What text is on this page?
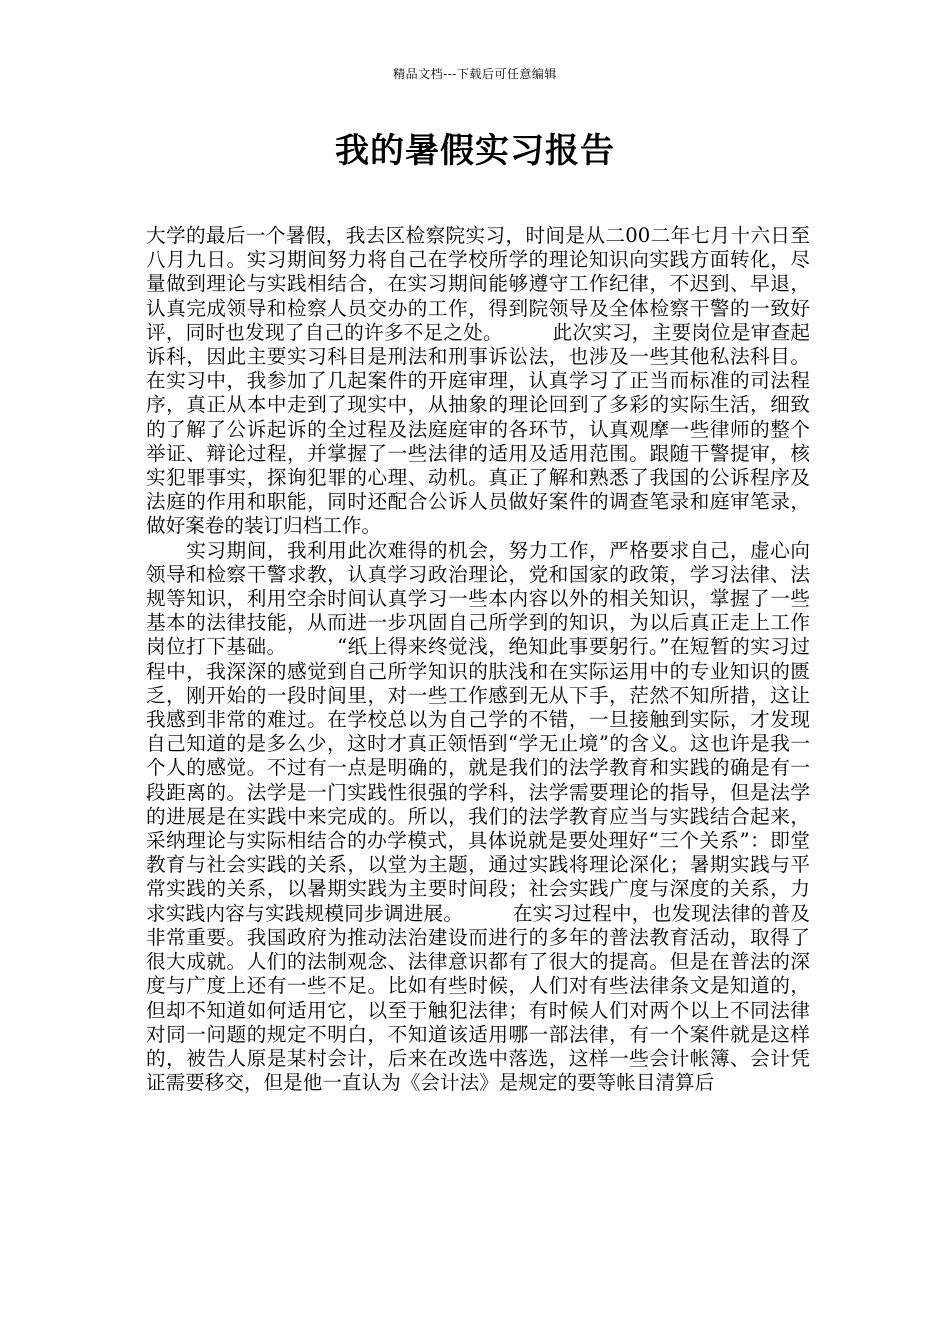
精品文档---下载后可任意编辑
我的暑假实习报告
大学的最后一个暑假，我去区检察院实习，时间是从二00二年七月十六日至八月九日。实习期间努力将自己在学校所学的理论知识向实践方面转化，尽量做到理论与实践相结合，在实习期间能够遵守工作纪律，不迟到、早退，认真完成领导和检察人员交办的工作，得到院领导及全体检察干警的一致好评，同时也发现了自己的许多不足之处。　　　此次实习，主要岗位是审查起诉科，因此主要实习科目是刑法和刑事诉讼法，也涉及一些其他私法科目。在实习中，我参加了几起案件的开庭审理，认真学习了正当而标准的司法程序，真正从本中走到了现实中，从抽象的理论回到了多彩的实际生活，细致的了解了公诉起诉的全过程及法庭庭审的各环节，认真观摩一些律师的整个举证、辩论过程，并掌握了一些法律的适用及适用范围。跟随干警提审，核实犯罪事实，探询犯罪的心理、动机。真正了解和熟悉了我国的公诉程序及法庭的作用和职能，同时还配合公诉人员做好案件的调查笔录和庭审笔录，做好案卷的装订归档工作。
　　实习期间，我利用此次难得的机会，努力工作，严格要求自己，虚心向领导和检察干警求教，认真学习政治理论，党和国家的政策，学习法律、法规等知识，利用空余时间认真学习一些本内容以外的相关知识，掌握了一些基本的法律技能，从而进一步巩固自己所学到的知识，为以后真正走上工作岗位打下基础。　　　“纸上得来终觉浅，绝知此事要躬行。”在短暂的实习过程中，我深深的感觉到自己所学知识的肤浅和在实际运用中的专业知识的匮乏，刚开始的一段时间里，对一些工作感到无从下手，茫然不知所措，这让我感到非常的难过。在学校总以为自己学的不错，一旦接触到实际，才发现自己知道的是多么少，这时才真正领悟到“学无止境”的含义。这也许是我一个人的感觉。不过有一点是明确的，就是我们的法学教育和实践的确是有一段距离的。法学是一门实践性很强的学科，法学需要理论的指导，但是法学的进展是在实践中来完成的。所以，我们的法学教育应当与实践结合起来，采纳理论与实际相结合的办学模式，具体说就是要处理好“三个关系”：即堂教育与社会实践的关系，以堂为主题，通过实践将理论深化；暑期实践与平常实践的关系，以暑期实践为主要时间段；社会实践广度与深度的关系，力求实践内容与实践规模同步调进展。　　　在实习过程中，也发现法律的普及非常重要。我国政府为推动法治建设而进行的多年的普法教育活动，取得了很大成就。人们的法制观念、法律意识都有了很大的提高。但是在普法的深度与广度上还有一些不足。比如有些时候，人们对有些法律条文是知道的，但却不知道如何适用它，以至于触犯法律；有时候人们对两个以上不同法律对同一问题的规定不明白，不知道该适用哪一部法律，有一个案件就是这样的，被告人原是某村会计，后来在改选中落选，这样一些会计帐簿、会计凭证需要移交，但是他一直认为《会计法》是规定的要等帐目清算后
